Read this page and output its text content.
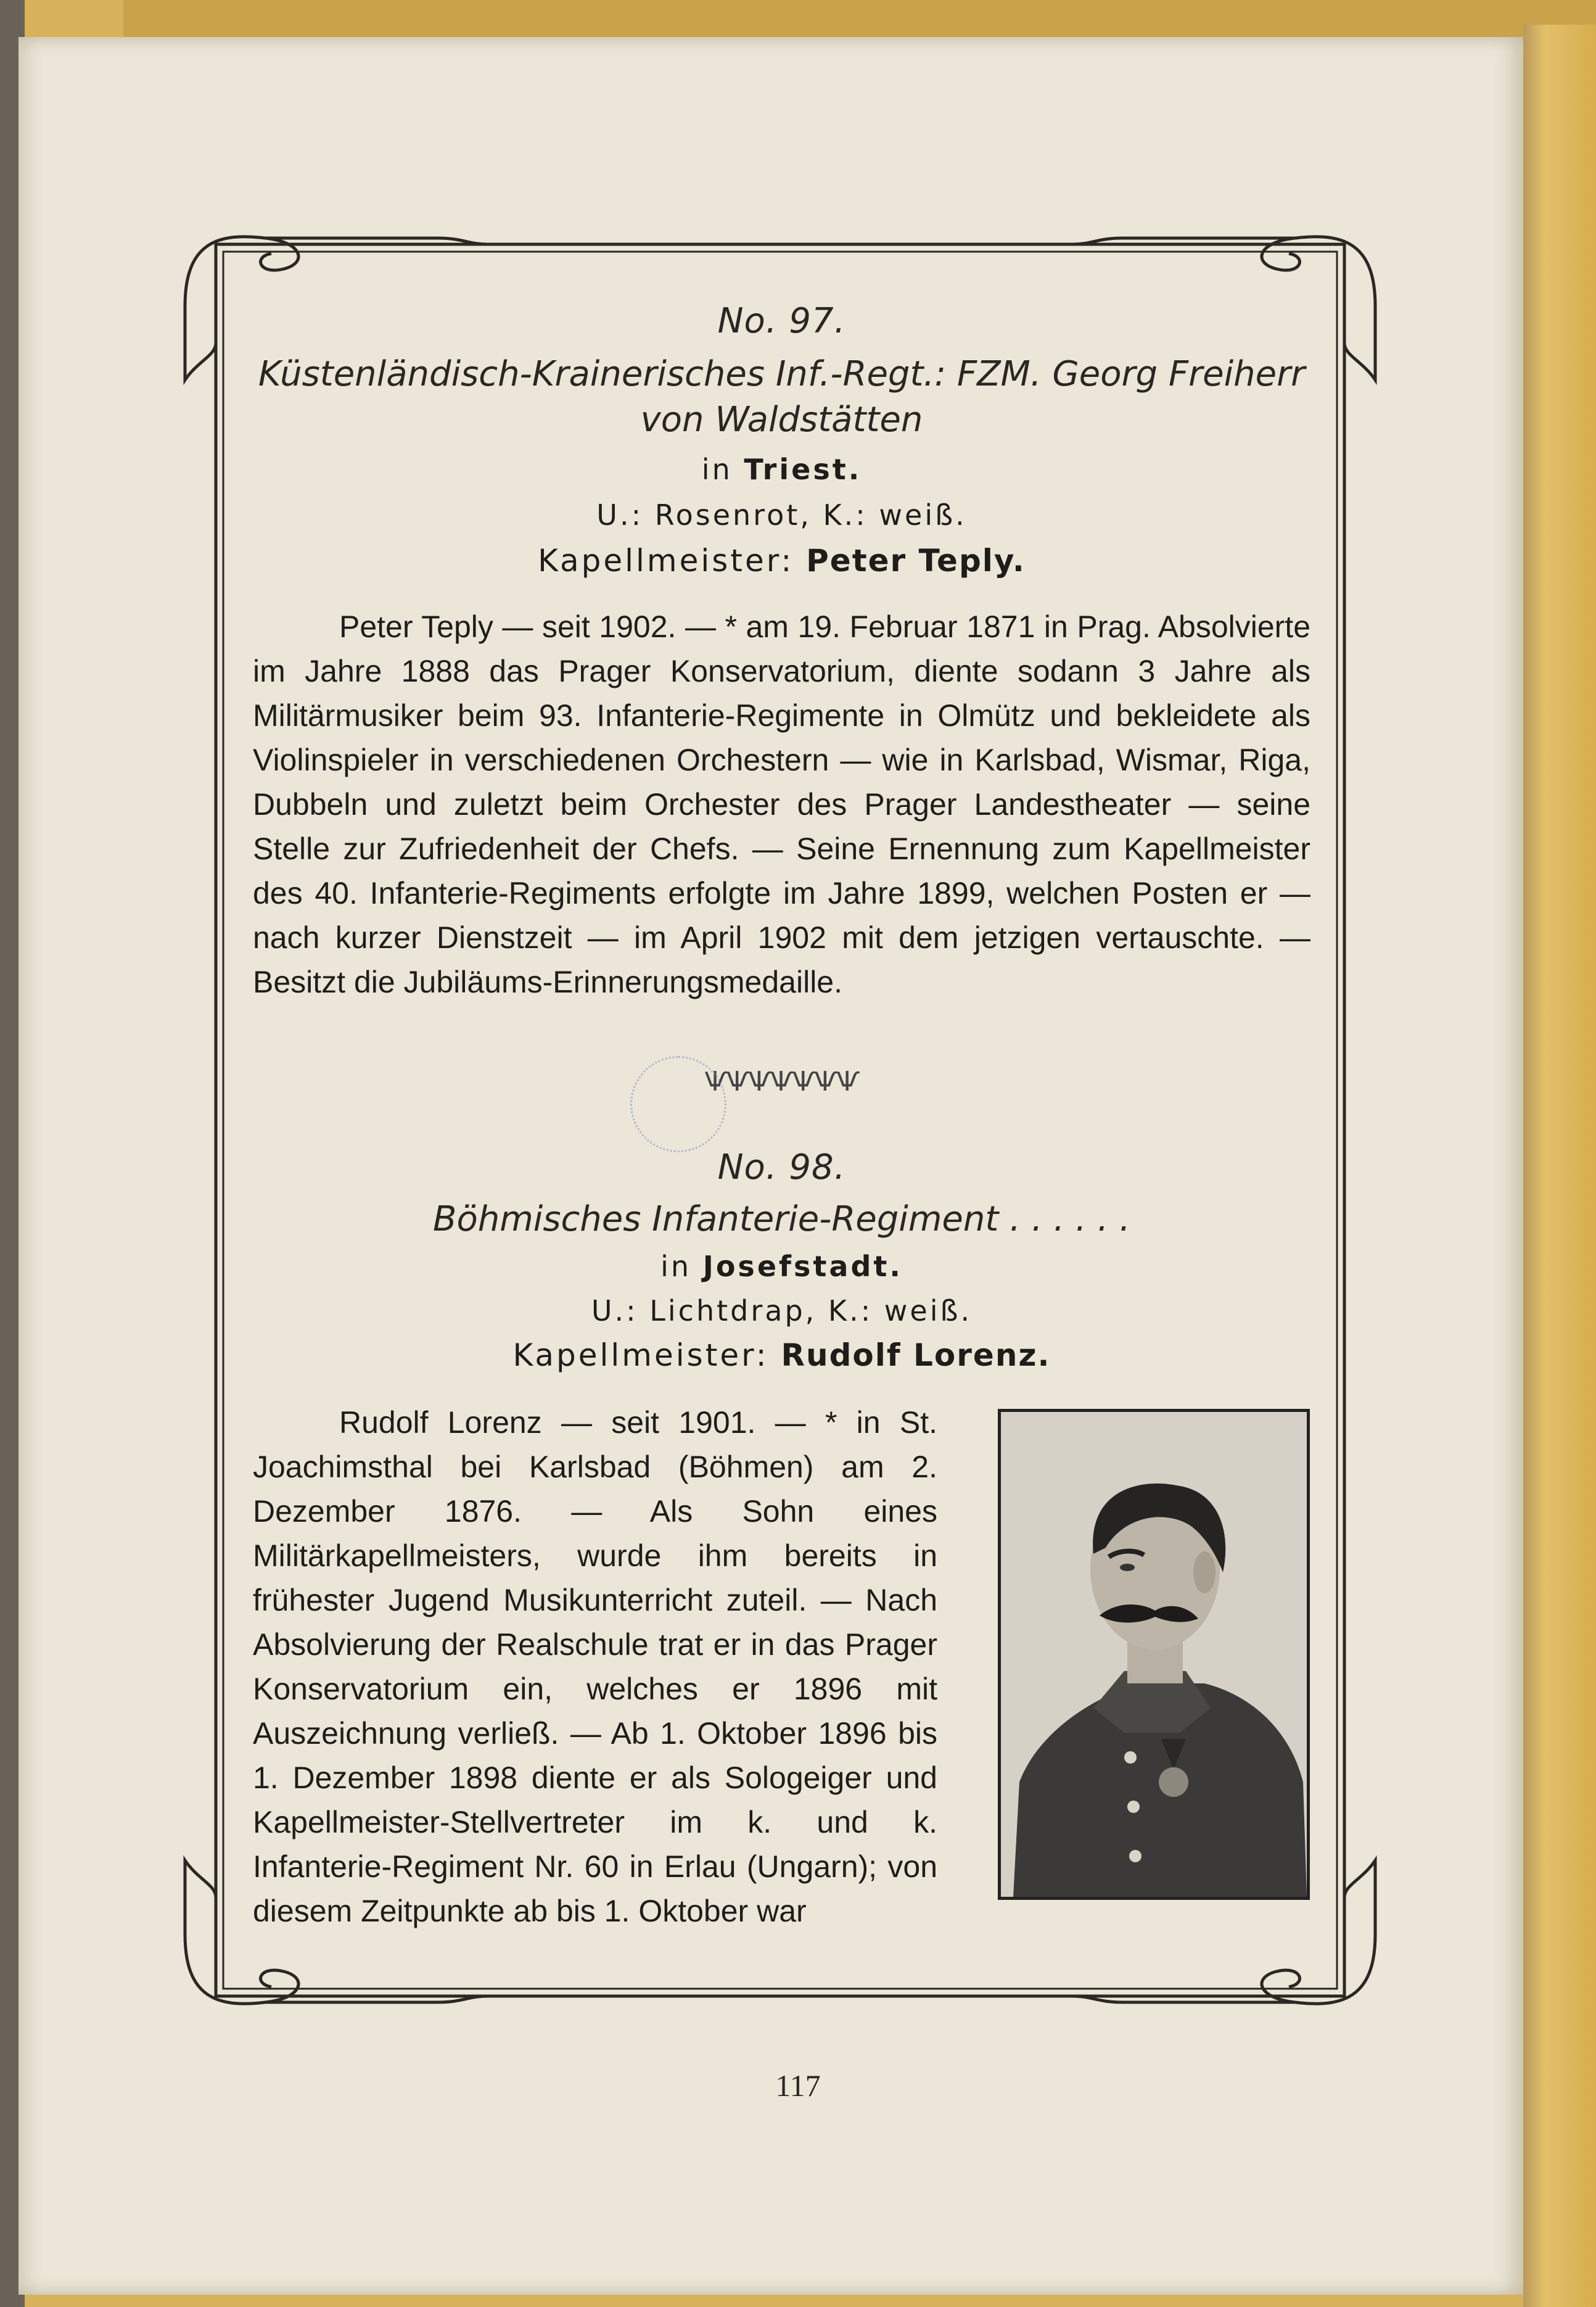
No. 97.
Küstenländisch-Krainerisches Inf.-Regt.: FZM. Georg Freiherr
von Waldstätten
in Triest.
U.: Rosenrot, K.: weiß.
Kapellmeister: Peter Teply.
Peter Teply — seit 1902. — * am 19. Februar 1871 in Prag. Absolvierte im Jahre 1888 das Prager Konservatorium, diente sodann 3 Jahre als Militärmusiker beim 93. Infanterie-Regimente in Olmütz und bekleidete als Violinspieler in verschiedenen Orchestern — wie in Karlsbad, Wismar, Riga, Dubbeln und zuletzt beim Orchester des Prager Landestheater — seine Stelle zur Zufriedenheit der Chefs. — Seine Ernennung zum Kapellmeister des 40. Infanterie-Regiments erfolgte im Jahre 1899, welchen Posten er — nach kurzer Dienstzeit — im April 1902 mit dem jetzigen vertauschte. — Besitzt die Jubiläums-Erinnerungsmedaille.
ѰѰѰѰѰѰѰ
No. 98.
Böhmisches Infanterie-Regiment . . . . . .
in Josefstadt.
U.: Lichtdrap, K.: weiß.
Kapellmeister: Rudolf Lorenz.
Rudolf Lorenz — seit 1901. — * in St. Joachimsthal bei Karlsbad (Böhmen) am 2. Dezember 1876. — Als Sohn eines Militärkapellmeisters, wurde ihm bereits in frühester Jugend Musikunterricht zuteil. — Nach Absolvierung der Realschule trat er in das Prager Konservatorium ein, welches er 1896 mit Auszeichnung verließ. — Ab 1. Oktober 1896 bis 1. Dezember 1898 diente er als Sologeiger und Kapellmeister-Stellvertreter im k. und k. Infanterie-Regiment Nr. 60 in Erlau (Ungarn); von diesem Zeitpunkte ab bis 1. Oktober war
117
